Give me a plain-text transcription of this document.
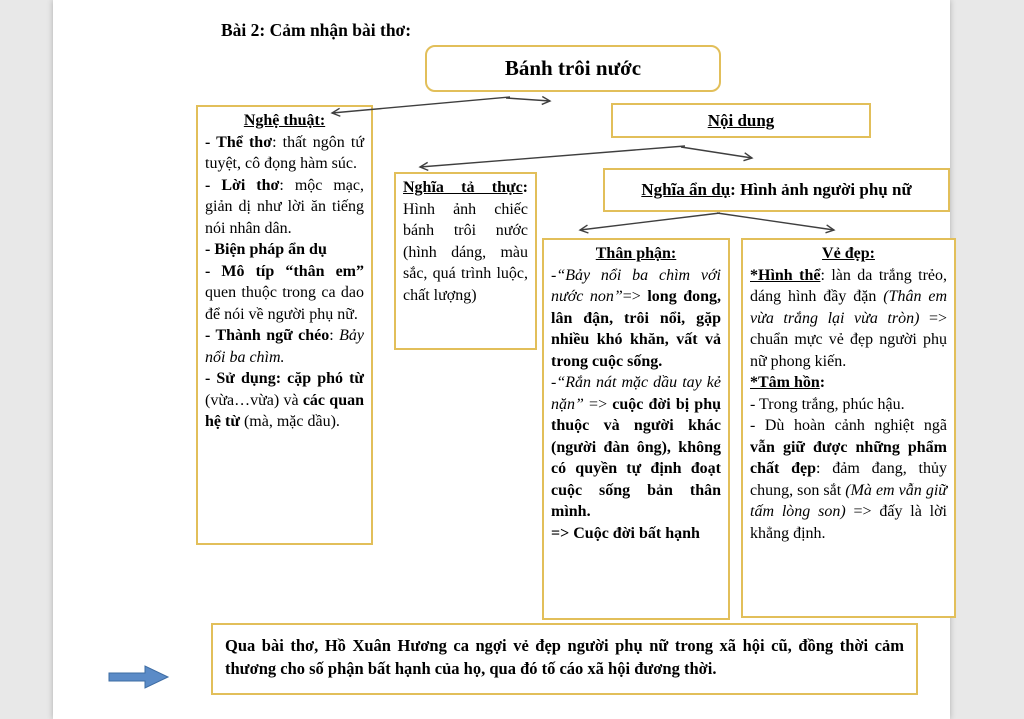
Bài 2: Cảm nhận bài thơ:
Bánh trôi nước
Nghệ thuật:
- Thể thơ: thất ngôn tứ tuyệt, cô đọng hàm súc.
- Lời thơ: mộc mạc, giản dị như lời ăn tiếng nói nhân dân.
- Biện pháp ẩn dụ
- Mô típ “thân em” quen thuộc trong ca dao để nói về người phụ nữ.
- Thành ngữ chéo: Bảy nổi ba chìm.
- Sử dụng: cặp phó từ (vừa…vừa) và các quan hệ từ (mà, mặc dầu).
Nội dung
Nghĩa tả thực: Hình ảnh chiếc bánh trôi nước (hình dáng, màu sắc, quá trình luộc, chất lượng)
Nghĩa ẩn dụ: Hình ảnh người phụ nữ
Thân phận:
-“Bảy nổi ba chìm với nước non”=> long đong, lân đận, trôi nổi, gặp nhiều khó khăn, vất vả trong cuộc sống.
-“Rắn nát mặc dầu tay kẻ nặn” => cuộc đời bị phụ thuộc và người khác (người đàn ông), không có quyền tự định đoạt cuộc sống bản thân mình.
=> Cuộc đời bất hạnh
Vẻ đẹp:
*Hình thể: làn da trắng trẻo, dáng hình đầy đặn (Thân em vừa trắng lại vừa tròn) => chuẩn mực vẻ đẹp người phụ nữ phong kiến.
*Tâm hồn:
- Trong trắng, phúc hậu.
- Dù hoàn cảnh nghiệt ngã vẫn giữ được những phẩm chất đẹp: đảm đang, thủy chung, son sắt (Mà em vẫn giữ tấm lòng son) => đấy là lời khẳng định.
Qua bài thơ, Hồ Xuân Hương ca ngợi vẻ đẹp người phụ nữ trong xã hội cũ, đồng thời cảm thương cho số phận bất hạnh của họ, qua đó tố cáo xã hội đương thời.
